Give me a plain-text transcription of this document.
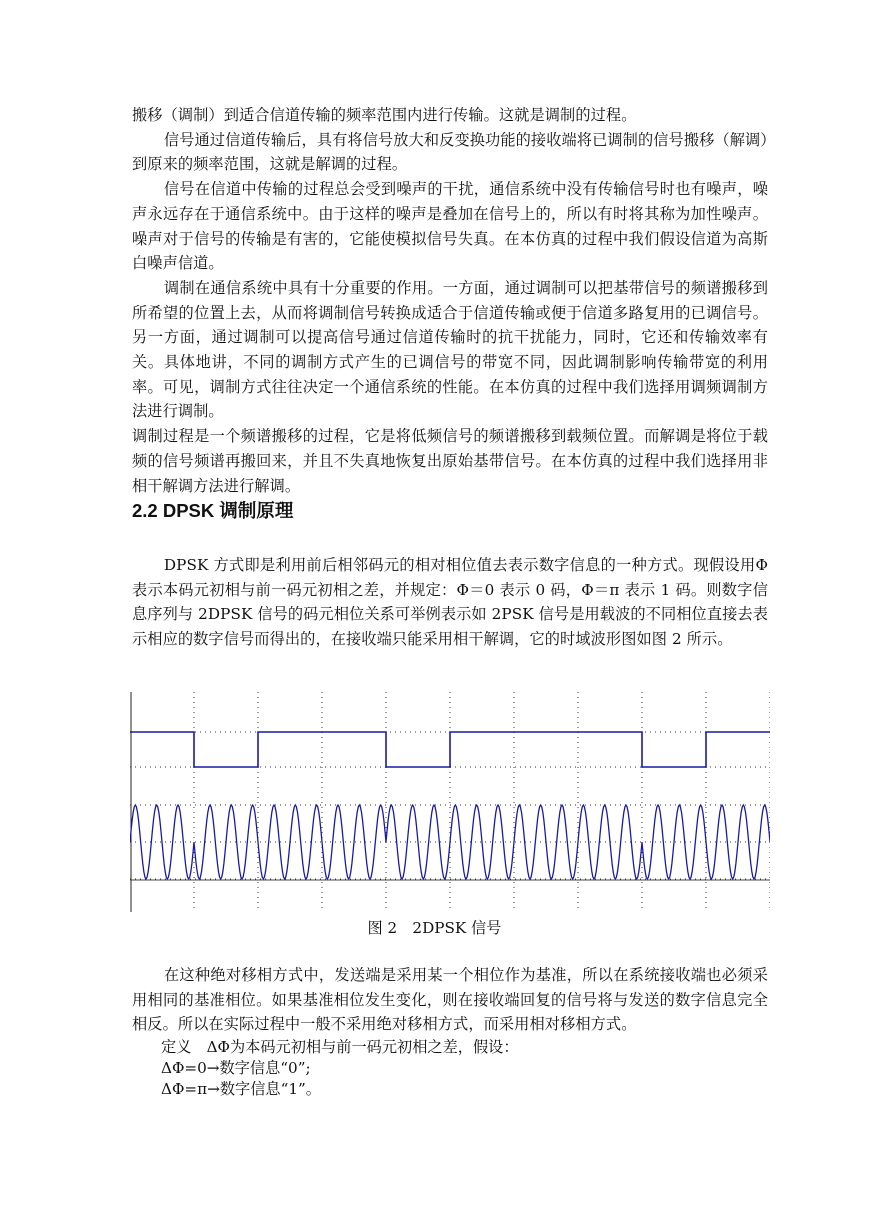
搬移（调制）到适合信道传输的频率范围内进行传输。这就是调制的过程。

信号通过信道传输后，具有将信号放大和反变换功能的接收端将已调制的信号搬移（解调）到原来的频率范围，这就是解调的过程。

信号在信道中传输的过程总会受到噪声的干扰，通信系统中没有传输信号时也有噪声，噪声永远存在于通信系统中。由于这样的噪声是叠加在信号上的，所以有时将其称为加性噪声。噪声对于信号的传输是有害的，它能使模拟信号失真。在本仿真的过程中我们假设信道为高斯白噪声信道。

调制在通信系统中具有十分重要的作用。一方面，通过调制可以把基带信号的频谱搬移到所希望的位置上去，从而将调制信号转换成适合于信道传输或便于信道多路复用的已调信号。另一方面，通过调制可以提高信号通过信道传输时的抗干扰能力，同时，它还和传输效率有关。具体地讲，不同的调制方式产生的已调信号的带宽不同，因此调制影响传输带宽的利用率。可见，调制方式往往决定一个通信系统的性能。在本仿真的过程中我们选择用调频调制方法进行调制。

调制过程是一个频谱搬移的过程，它是将低频信号的频谱搬移到载频位置。而解调是将位于载频的信号频谱再搬回来，并且不失真地恢复出原始基带信号。在本仿真的过程中我们选择用非相干解调方法进行解调。

2.2 DPSK 调制原理

DPSK 方式即是利用前后相邻码元的相对相位值去表示数字信息的一种方式。现假设用Φ表示本码元初相与前一码元初相之差，并规定：Φ＝0 表示 0 码，Φ＝π 表示 1 码。则数字信息序列与 2DPSK 信号的码元相位关系可举例表示如 2PSK 信号是用载波的不同相位直接去表示相应的数字信号而得出的，在接收端只能采用相干解调，它的时域波形图如图 2 所示。

图 2　2DPSK 信号

在这种绝对移相方式中，发送端是采用某一个相位作为基准，所以在系统接收端也必须采用相同的基准相位。如果基准相位发生变化，则在接收端回复的信号将与发送的数字信息完全相反。所以在实际过程中一般不采用绝对移相方式，而采用相对移相方式。

定义　ΔΦ为本码元初相与前一码元初相之差，假设：

ΔΦ=0→数字信息“0”;

ΔΦ=π→数字信息“1”。
